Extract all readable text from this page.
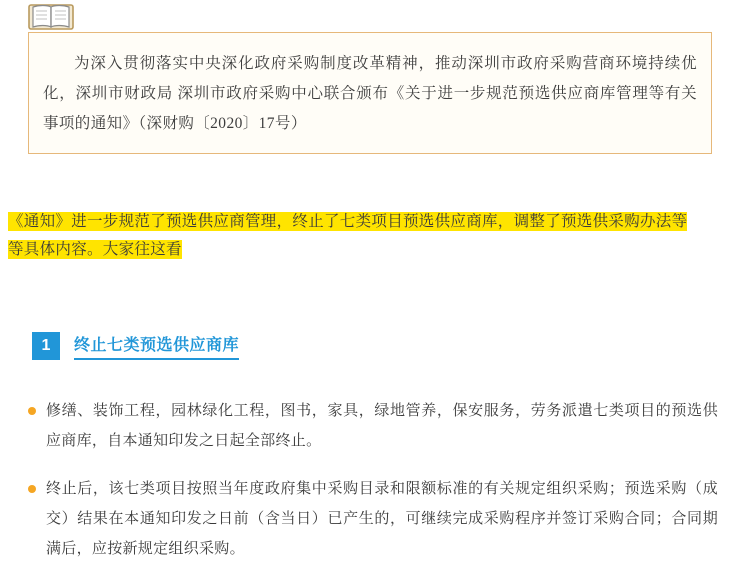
为深入贯彻落实中央深化政府采购制度改革精神，推动深圳市政府采购营商环境持续优化，深圳市财政局 深圳市政府采购中心联合颁布《关于进一步规范预选供应商库管理等有关事项的通知》（深财购〔2020〕17号）

《通知》进一步规范了预选供应商管理，终止了七类项目预选供应商库，调整了预选供采购办法等
等具体内容。大家往这看
1	终止七类预选供应商库
修缮、装饰工程，园林绿化工程，图书，家具，绿地管养，保安服务，劳务派遣七类项目的预选供应商库，自本通知印发之日起全部终止。
终止后，该七类项目按照当年度政府集中采购目录和限额标准的有关规定组织采购；预选采购（成交）结果在本通知印发之日前（含当日）已产生的，可继续完成采购程序并签订采购合同；合同期满后，应按新规定组织采购。
